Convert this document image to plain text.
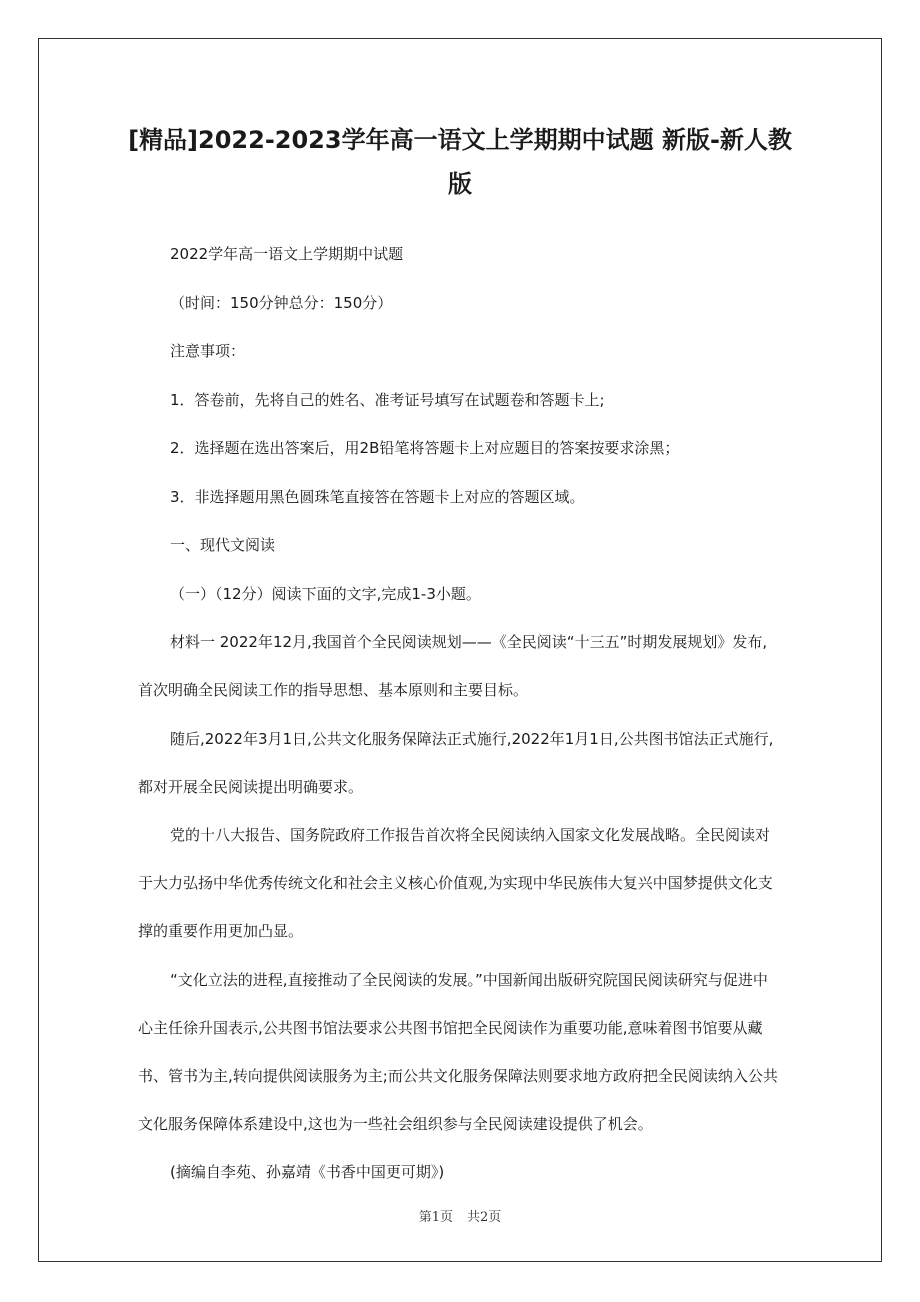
[精品]2022-2023学年高一语文上学期期中试题 新版-新人教版

2022学年高一语文上学期期中试题

（时间：150分钟总分：150分）

注意事项：

1．答卷前，先将自己的姓名、准考证号填写在试题卷和答题卡上;

2．选择题在选出答案后，用2B铅笔将答题卡上对应题目的答案按要求涂黑；

3．非选择题用黑色圆珠笔直接答在答题卡上对应的答题区域。

一、现代文阅读

（一）（12分）阅读下面的文字,完成1-3小题。

材料一 2022年12月,我国首个全民阅读规划——《全民阅读“十三五”时期发展规划》发布,首次明确全民阅读工作的指导思想、基本原则和主要目标。

随后,2022年3月1日,公共文化服务保障法正式施行,2022年1月1日,公共图书馆法正式施行,都对开展全民阅读提出明确要求。

党的十八大报告、国务院政府工作报告首次将全民阅读纳入国家文化发展战略。全民阅读对于大力弘扬中华优秀传统文化和社会主义核心价值观,为实现中华民族伟大复兴中国梦提供文化支撑的重要作用更加凸显。

“文化立法的进程,直接推动了全民阅读的发展。”中国新闻出版研究院国民阅读研究与促进中心主任徐升国表示,公共图书馆法要求公共图书馆把全民阅读作为重要功能,意味着图书馆要从藏书、管书为主,转向提供阅读服务为主;而公共文化服务保障法则要求地方政府把全民阅读纳入公共文化服务保障体系建设中,这也为一些社会组织参与全民阅读建设提供了机会。

(摘编自李苑、孙嘉靖《书香中国更可期》)

第1页 共2页
